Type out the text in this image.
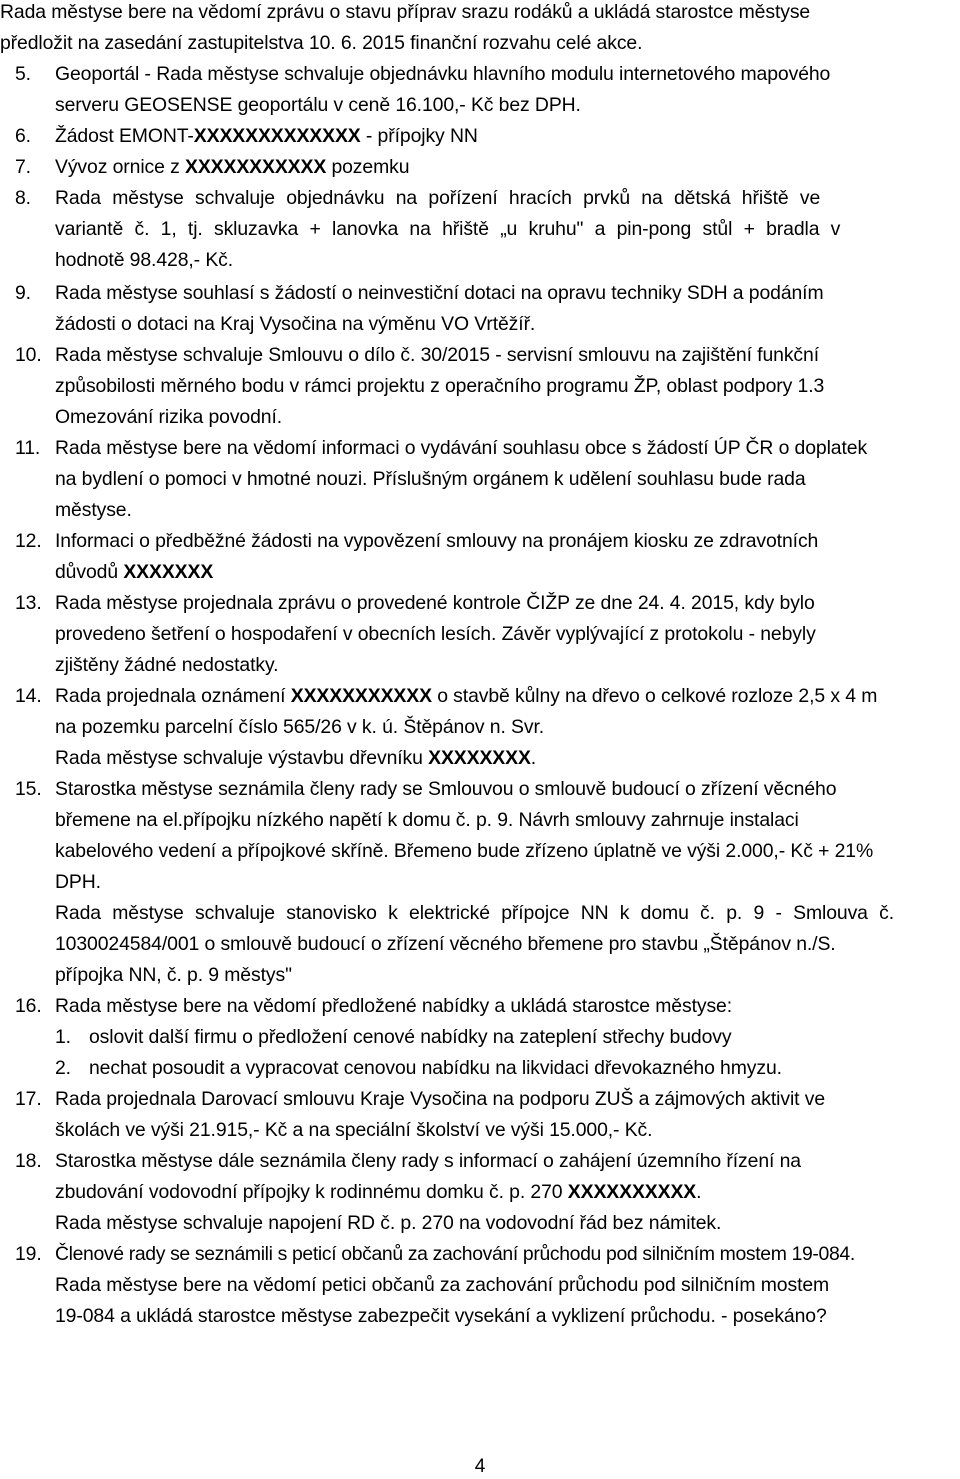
Rada městyse bere na vědomí zprávu o stavu příprav srazu rodáků a ukládá starostce městyse
předložit na zasedání zastupitelstva 10. 6. 2015 finanční rozvahu celé akce.
5. Geoportál - Rada městyse schvaluje objednávku hlavního modulu internetového mapového
serveru GEOSENSE geoportálu v ceně 16.100,- Kč bez DPH.
6. Žádost EMONT-XXXXXXXXXXXXX - přípojky NN
7. Vývoz ornice z XXXXXXXXXXX pozemku
8. Rada městyse schvaluje objednávku na pořízení hracích prvků na dětská hřiště ve
variantě č. 1, tj. skluzavka + lanovka na hřiště „u kruhu" a pin-pong stůl + bradla v
hodnotě 98.428,- Kč.
9. Rada městyse souhlasí s žádostí o neinvestiční dotaci na opravu techniky SDH a podáním
žádosti o dotaci na Kraj Vysočina na výměnu VO Vrtěžíř.
10. Rada městyse schvaluje Smlouvu o dílo č. 30/2015 - servisní smlouvu na zajištění funkční
způsobilosti měrného bodu v rámci projektu z operačního programu ŽP, oblast podpory 1.3
Omezování rizika povodní.
11. Rada městyse bere na vědomí informaci o vydávání souhlasu obce s žádostí ÚP ČR o doplatek
na bydlení o pomoci v hmotné nouzi. Příslušným orgánem k udělení souhlasu bude rada
městyse.
12. Informaci o předběžné žádosti na vypovězení smlouvy na pronájem kiosku ze zdravotních
důvodů XXXXXXX
13. Rada městyse projednala zprávu o provedené kontrole ČIŽP ze dne 24. 4. 2015, kdy bylo
provedeno šetření o hospodaření v obecních lesích. Závěr vyplývající z protokolu - nebyly
zjištěny žádné nedostatky.
14. Rada projednala oznámení XXXXXXXXXXX o stavbě kůlny na dřevo o celkové rozloze 2,5 x 4 m
na pozemku parcelní číslo 565/26 v k. ú. Štěpánov n. Svr.
Rada městyse schvaluje výstavbu dřevníku XXXXXXXX.
15. Starostka městyse seznámila členy rady se Smlouvou o smlouvě budoucí o zřízení věcného
břemene na el.přípojku nízkého napětí k domu č. p. 9. Návrh smlouvy zahrnuje instalaci
kabelového vedení a přípojkové skříně. Břemeno bude zřízeno úplatně ve výši 2.000,- Kč + 21%
DPH.
Rada městyse schvaluje stanovisko k elektrické přípojce NN k domu č. p. 9 - Smlouva č.
1030024584/001 o smlouvě budoucí o zřízení věcného břemene pro stavbu „Štěpánov n./S.
přípojka NN, č. p. 9 městys"
16. Rada městyse bere na vědomí předložené nabídky a ukládá starostce městyse:
1. oslovit další firmu o předložení cenové nabídky na zateplení střechy budovy
2. nechat posoudit a vypracovat cenovou nabídku na likvidaci dřevokazného hmyzu.
17. Rada projednala Darovací smlouvu Kraje Vysočina na podporu ZUŠ a zájmových aktivit ve
školách ve výši 21.915,- Kč a na speciální školství ve výši 15.000,- Kč.
18. Starostka městyse dále seznámila členy rady s informací o zahájení územního řízení na
zbudování vodovodní přípojky k rodinnému domku č. p. 270 XXXXXXXXXX.
Rada městyse schvaluje napojení RD č. p. 270 na vodovodní řád bez námitek.
19. Členové rady se seznámili s peticí občanů za zachování průchodu pod silničním mostem 19-084.
Rada městyse bere na vědomí petici občanů za zachování průchodu pod silničním mostem
19-084 a ukládá starostce městyse zabezpečit vysekání a vyklizení průchodu. - posekáno?
4
